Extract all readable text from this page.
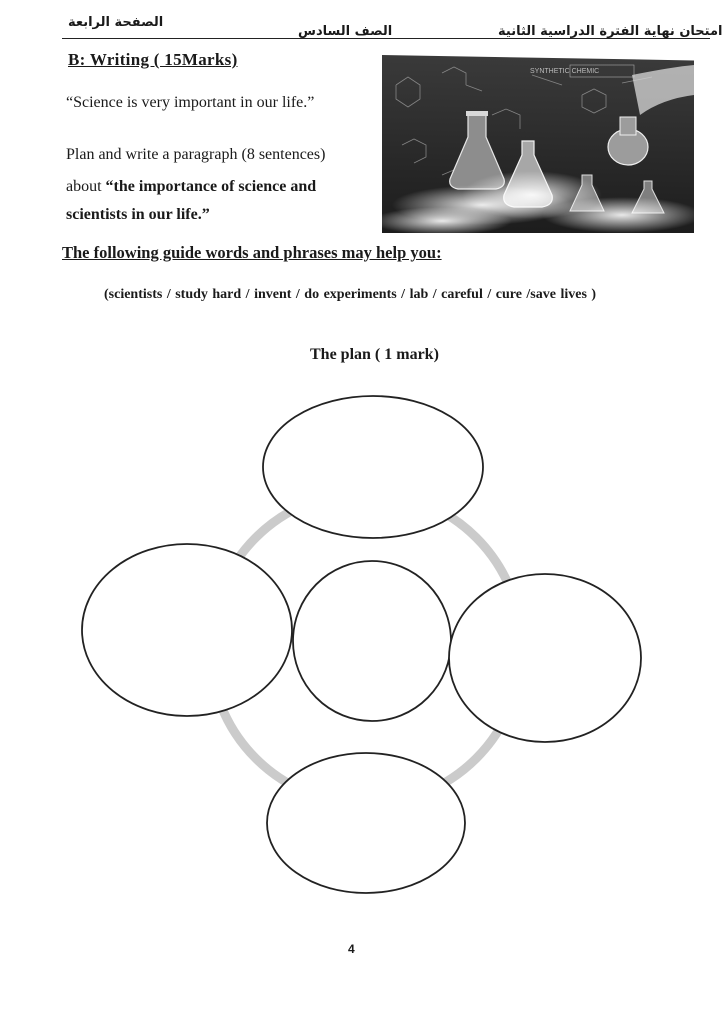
الصفحة الرابعة
الصف السادس	امتحان نهاية الفترة الدراسية الثانية
B: Writing ( 15Marks)
“Science is very important in our life.”
Plan and write a paragraph (8 sentences)
about “the importance of science and
scientists in our life.”
SYNTHETIC CHEMIC
The following guide words and phrases may help you:
(scientists / study hard / invent / do experiments / lab / careful / cure /save lives )
The plan ( 1 mark)
4
